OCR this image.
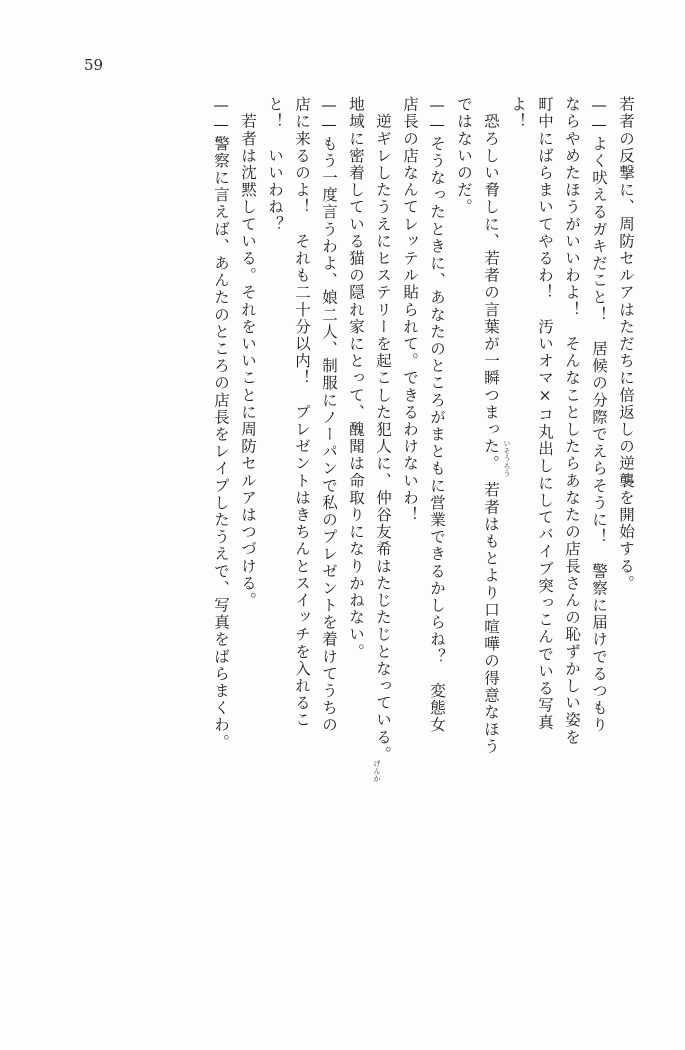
59
若者の反撃に、周防セルアはただちに倍返しの逆襲を開始する。
——よく吠えるガキだこと！　居候の分際でえらそうに！　警察に届けでるつもり
ならやめたほうがいいわよ！　そんなことしたらあなたの店長さんの恥ずかしい姿を
町中にばらまいてやるわ！　汚いオマ×コ丸出しにしてバイブ突っこんでいる写真
よ！
　恐ろしい脅しに、若者の言葉が一瞬つまった。　若者はもとより口喧嘩の得意なほう
ではないのだ。
——そうなったときに、あなたのところがまともに営業できるかしらね？　変態女
店長の店なんてレッテル貼られて。できるわけないわ！
　逆ギレしたうえにヒステリーを起こした犯人に、仲谷友希はたじたじとなっている。
地域に密着している猫の隠れ家にとって、醜聞は命取りになりかねない。
——もう一度言うわよ、娘二人、制服にノーパンで私のプレゼントを着けてうちの
店に来るのよ！　それも二十分以内！　プレゼントはきちんとスイッチを入れるこ
と！　いいわね？
　若者は沈黙している。それをいいことに周防セルアはつづける。
——警察に言えば、あんたのところの店長をレイプしたうえで、写真をばらまくわ。	いそうろう
げんか
